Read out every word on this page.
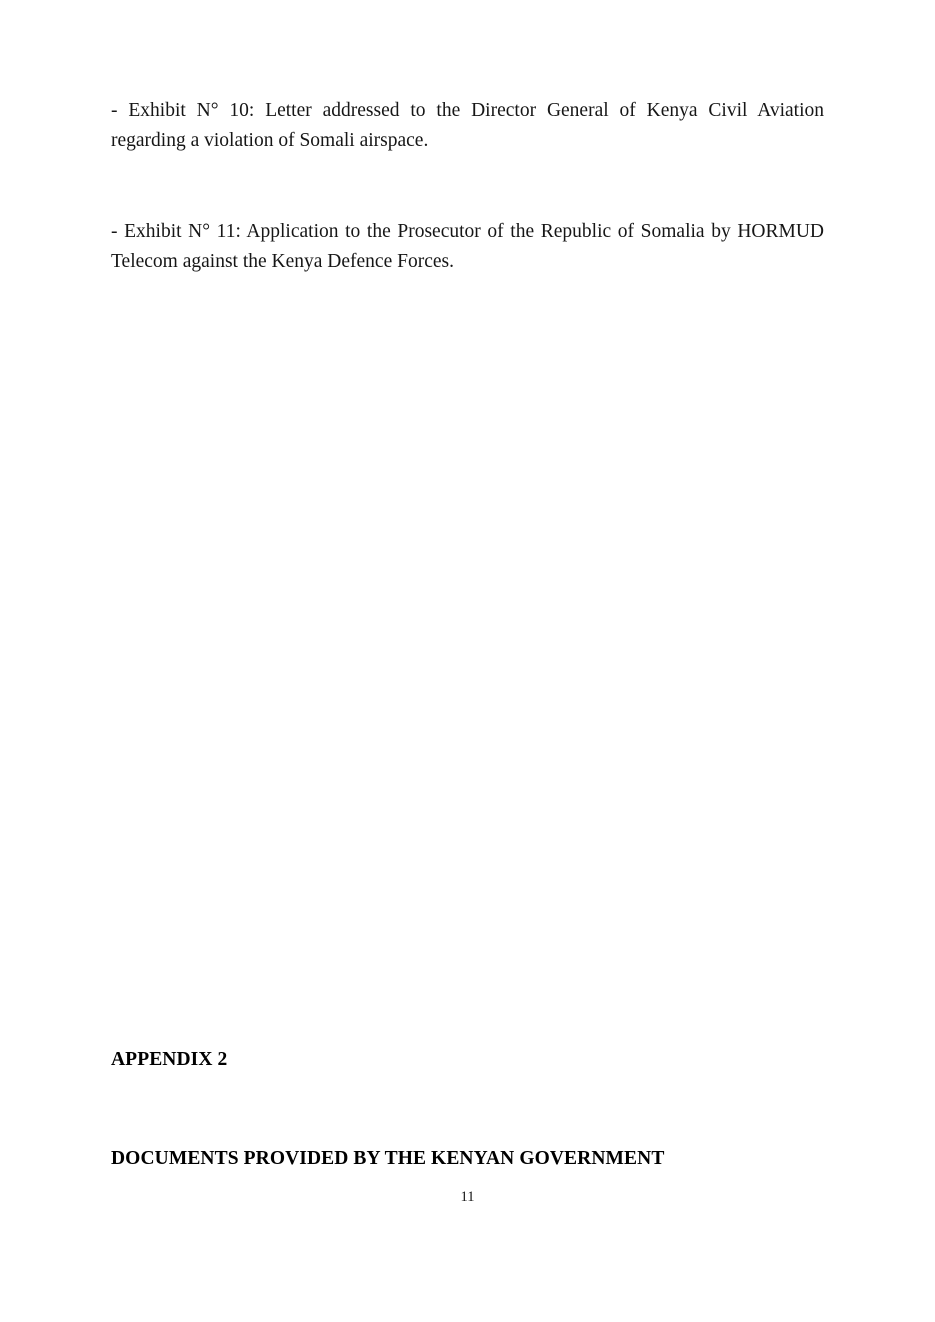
- Exhibit N° 10: Letter addressed to the Director General of Kenya Civil Aviation regarding a violation of Somali airspace.

- Exhibit N° 11: Application to the Prosecutor of the Republic of Somalia by HORMUD Telecom against the Kenya Defence Forces.

APPENDIX 2

DOCUMENTS PROVIDED BY THE KENYAN GOVERNMENT

11
